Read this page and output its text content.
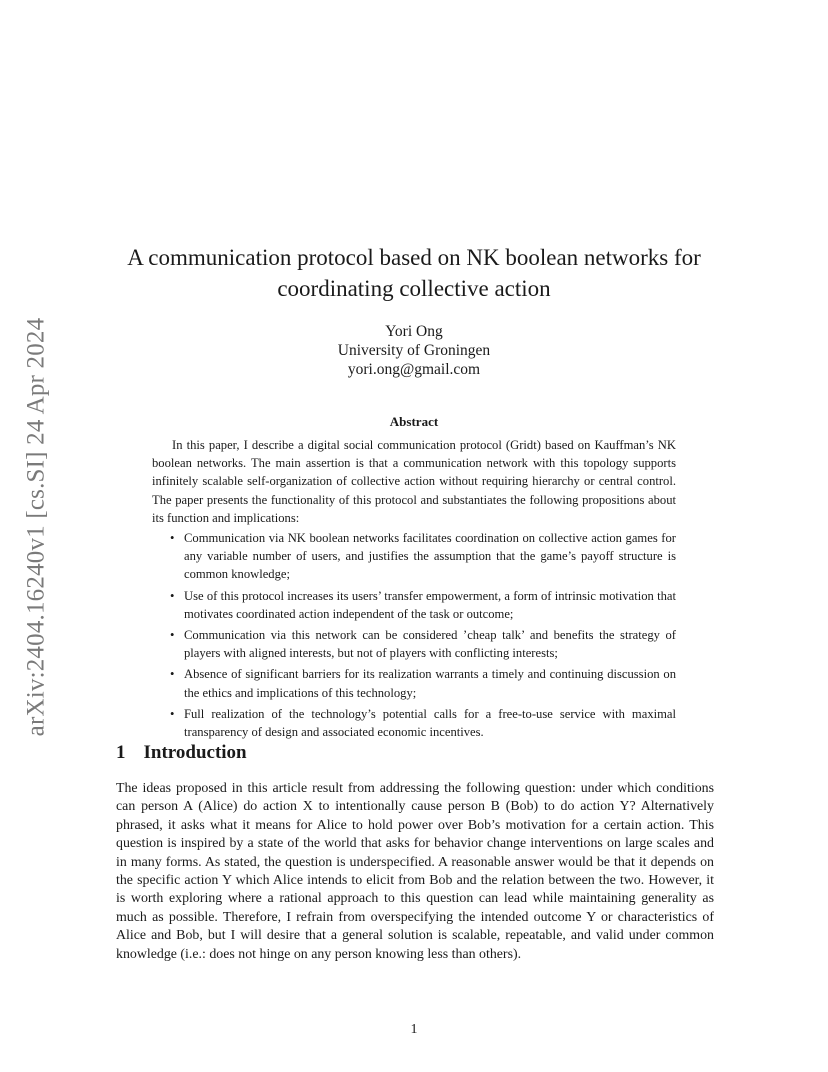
arXiv:2404.16240v1 [cs.SI] 24 Apr 2024
A communication protocol based on NK boolean networks for
coordinating collective action
Yori Ong
University of Groningen
yori.ong@gmail.com
Abstract

In this paper, I describe a digital social communication protocol (Gridt) based on Kauffman’s NK boolean networks. The main assertion is that a communication network with this topology supports infinitely scalable self-organization of collective action without requiring hierarchy or central control. The paper presents the functionality of this protocol and substantiates the following propositions about its function and implications:

• Communication via NK boolean networks facilitates coordination on collective action games for any variable number of users, and justifies the assumption that the game’s payoff structure is common knowledge;
• Use of this protocol increases its users’ transfer empowerment, a form of intrinsic motivation that motivates coordinated action independent of the task or outcome;
• Communication via this network can be considered ’cheap talk’ and benefits the strategy of players with aligned interests, but not of players with conflicting interests;
• Absence of significant barriers for its realization warrants a timely and continuing discussion on the ethics and implications of this technology;
• Full realization of the technology’s potential calls for a free-to-use service with maximal transparency of design and associated economic incentives.
1 Introduction

The ideas proposed in this article result from addressing the following question: under which conditions can person A (Alice) do action X to intentionally cause person B (Bob) to do action Y? Alternatively phrased, it asks what it means for Alice to hold power over Bob’s motivation for a certain action. This question is inspired by a state of the world that asks for behavior change interventions on large scales and in many forms. As stated, the question is underspecified. A reasonable answer would be that it depends on the specific action Y which Alice intends to elicit from Bob and the relation between the two. However, it is worth exploring where a rational approach to this question can lead while maintaining generality as much as possible. Therefore, I refrain from overspecifying the intended outcome Y or characteristics of Alice and Bob, but I will desire that a general solution is scalable, repeatable, and valid under common knowledge (i.e.: does not hinge on any person knowing less than others).

1
